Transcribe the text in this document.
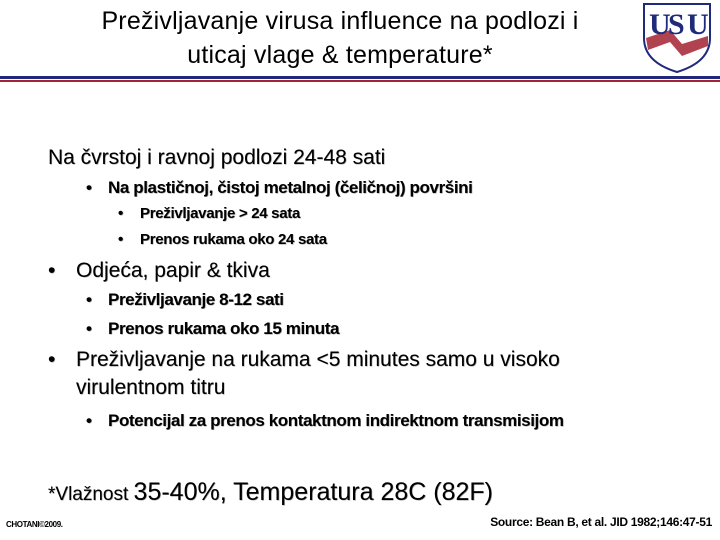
Preživljavanje virusa influence na podlozi i
uticaj vlage & temperature*
U
S U
Na čvrstoj i ravnoj podlozi 24-48 sati
• Na plastičnoj, čistoj metalnoj (čeličnoj) površini
• Preživljavanje > 24 sata
• Prenos rukama oko 24 sata
• Odjeća, papir & tkiva
• Preživljavanje 8-12 sati
• Prenos rukama oko 15 minuta
• Preživljavanje na rukama <5 minutes samo u visoko
virulentnom titru
• Potencijal za prenos kontaktnom indirektnom transmisijom
*Vlažnost 35-40%, Temperatura 28C (82F)
CHOTANI©2009.	Source: Bean B, et al. JID 1982;146:47-51
